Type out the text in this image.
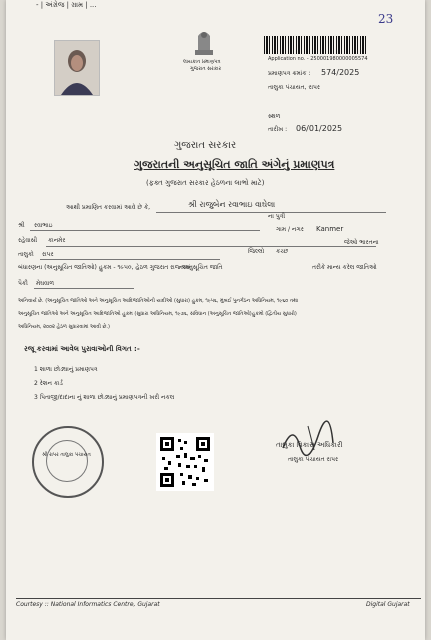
- | અંગ્રેજ | ગ્રામ | ...
23
લાયકાત પ્રમાણપત્ર
ગુજરાત સરકાર
Application no. - 250001980000005574
પ્રમાણપત્ર ક્રમાંક : 574/2025
તાલુકા પંચાયત, રાપર
સ્થળ
તારીખ : 06/01/2025
ગુજરાત સરકાર
ગુજરાતની અનુસૂચિત જાતિ અંગેનું પ્રમાણપત્ર
(ફક્ત ગુજરાત સરકાર હેઠળના લાભો માટે)
આથી પ્રમાણિત કરવામાં આવે છે કે,	શ્રી રાજુબેન રવાભાઇ વાઘેલા
શ્રી રવાભાઇ
ના પુત્રી
ગામ / નગર Kanmer
રહેવાસી કાનમેર	જેઓ ભારતના
તાલુકો રાપર	જિલ્લો કચ્છ
બંધારણના (અનુસૂચિત જાતિઓ) હુકમ - ૧૯૫૦, હેઠળ ગુજરાત રાજ્યમાં
અનુસૂચિત જાતિ	તરીકે માન્ય કરેલ જાતિઓ
પૈકી મેઘવાળ
અનિવાર્ય છે. (અનુસૂચિત જાતિઓ અને અનુસૂચિત આદિજાતિઓની યાદીઓ (સુધારા) હુકમ, ૧૯૫૬, મુંબઈ પુનર્ગઠન અધિનિયમ, ૧૯૬૦ તથા
અનુસૂચિત જાતિઓ અને અનુસૂચિત આદિજાતિઓ હુકમ (સુધારા અધિનિયમ, ૧૯૭૬, સંવિધાન (અનુસૂચિત જાતિઓ)હુકમો (દ્વિતીય સુધારો)
અધિનિયમ, ૨૦૦૨ હેઠળ સુધારવામાં આવી છે.)
રજૂ કરવામાં આવેલ પુરાવાઓની વિગત :-
1 શાળા છોડ્યાનું પ્રમાણપત્ર
2 રેશન કાર્ડ
3 પિતાજી/દાદાના નું શાળા છોડ્યાનું પ્રમાણપત્રની ખરી નકલ
શ્રી રાપર તાલુકા પંચાયત
તાલુકા વિકાસ અધિકારી
તાલુકા પંચાયત રાપર
Courtesy :: National Informatics Centre, Gujarat	Digital Gujarat
